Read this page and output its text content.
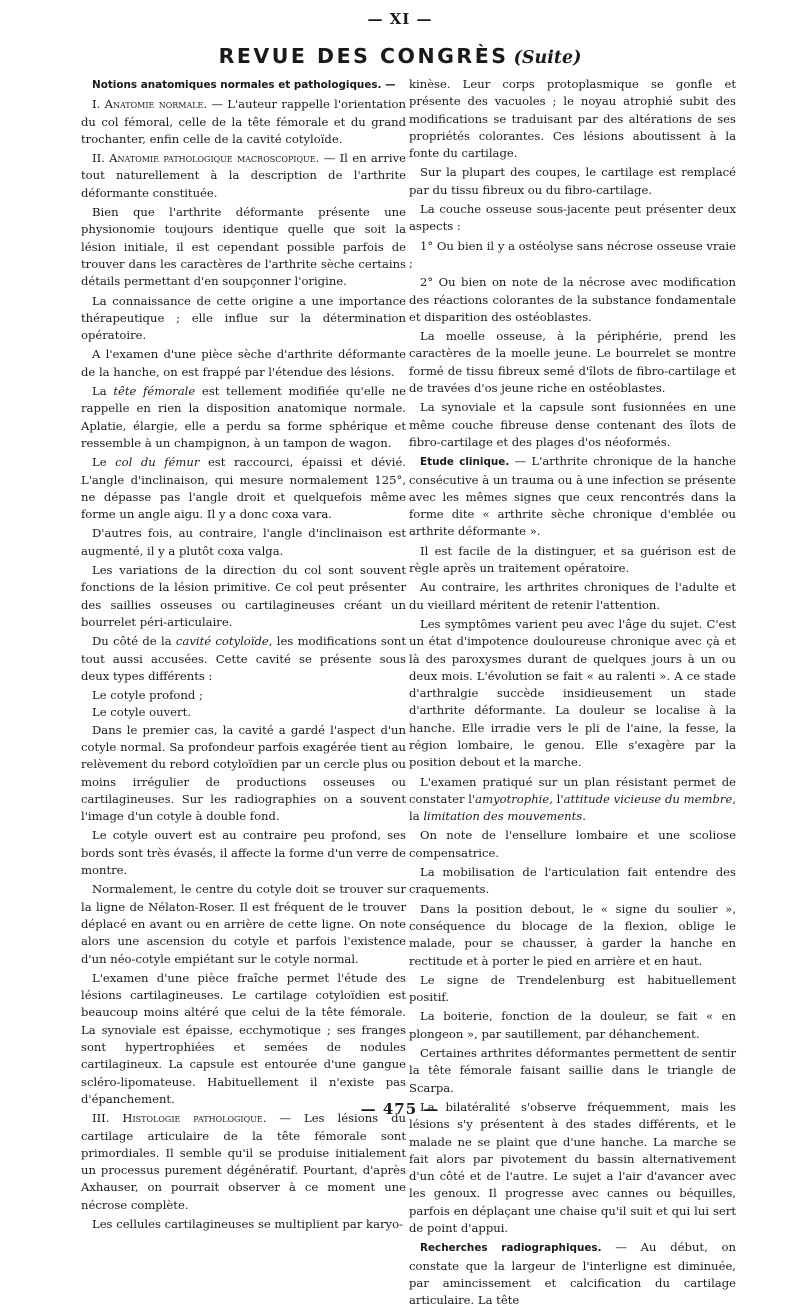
— XI —
REVUE DES CONGRÈS (Suite)

Notions anatomiques normales et pathologiques. —

I. Anatomie normale. — L'auteur rappelle l'orientation du col fémoral, celle de la tête fémorale et du grand trochanter, enfin celle de la cavité cotyloïde.

II. Anatomie pathologique macroscopique. — Il en arrive tout naturellement à la description de l'arthrite déformante constituée.

Bien que l'arthrite déformante présente une physionomie toujours identique quelle que soit la lésion initiale, il est cependant possible parfois de trouver dans les caractères de l'arthrite sèche certains détails permettant d'en soupçonner l'origine.

La connaissance de cette origine a une importance thérapeutique ; elle influe sur la détermination opératoire.

A l'examen d'une pièce sèche d'arthrite déformante de la hanche, on est frappé par l'étendue des lésions.

La tête fémorale est tellement modifiée qu'elle ne rappelle en rien la disposition anatomique normale. Aplatie, élargie, elle a perdu sa forme sphérique et ressemble à un champignon, à un tampon de wagon.

Le col du fémur est raccourci, épaissi et dévié. L'angle d'inclinaison, qui mesure normalement 125°, ne dépasse pas l'angle droit et quelquefois même forme un angle aigu. Il y a donc coxa vara.

D'autres fois, au contraire, l'angle d'inclinaison est augmenté, il y a plutôt coxa valga.

Les variations de la direction du col sont souvent fonctions de la lésion primitive. Ce col peut présenter des saillies osseuses ou cartilagineuses créant un bourrelet péri-articulaire.

Du côté de la cavité cotyloïde, les modifications sont tout aussi accusées. Cette cavité se présente sous deux types différents :

Le cotyle profond ;

Le cotyle ouvert.

Dans le premier cas, la cavité a gardé l'aspect d'un cotyle normal. Sa profondeur parfois exagérée tient au relèvement du rebord cotyloïdien par un cercle plus ou moins irrégulier de productions osseuses ou cartilagineuses. Sur les radiographies on a souvent l'image d'un cotyle à double fond.

Le cotyle ouvert est au contraire peu profond, ses bords sont très évasés, il affecte la forme d'un verre de montre.

Normalement, le centre du cotyle doit se trouver sur la ligne de Nélaton-Roser. Il est fréquent de le trouver déplacé en avant ou en arrière de cette ligne. On note alors une ascension du cotyle et parfois l'existence d'un néo-cotyle empiétant sur le cotyle normal.

L'examen d'une pièce fraîche permet l'étude des lésions cartilagineuses. Le cartilage cotyloïdien est beaucoup moins altéré que celui de la tête fémorale. La synoviale est épaisse, ecchymotique ; ses franges sont hypertrophiées et semées de nodules cartilagineux. La capsule est entourée d'une gangue scléro-lipomateuse. Habituellement il n'existe pas d'épanchement.

III. Histologie pathologique. — Les lésions du cartilage articulaire de la tête fémorale sont primordiales. Il semble qu'il se produise initialement un processus purement dégénératif. Pourtant, d'après Axhauser, on pourrait observer à ce moment une nécrose complète.

Les cellules cartilagineuses se multiplient par karyo-

kinèse. Leur corps protoplasmique se gonfle et présente des vacuoles ; le noyau atrophié subit des modifications se traduisant par des altérations de ses propriétés colorantes. Ces lésions aboutissent à la fonte du cartilage.

Sur la plupart des coupes, le cartilage est remplacé par du tissu fibreux ou du fibro-cartilage.

La couche osseuse sous-jacente peut présenter deux aspects :

1° Ou bien il y a ostéolyse sans nécrose osseuse vraie ;

2° Ou bien on note de la nécrose avec modification des réactions colorantes de la substance fondamentale et disparition des ostéoblastes.

La moelle osseuse, à la périphérie, prend les caractères de la moelle jeune. Le bourrelet se montre formé de tissu fibreux semé d'îlots de fibro-cartilage et de travées d'os jeune riche en ostéoblastes.

La synoviale et la capsule sont fusionnées en une même couche fibreuse dense contenant des îlots de fibro-cartilage et des plages d'os néoformés.

Etude clinique. — L'arthrite chronique de la hanche consécutive à un trauma ou à une infection se présente avec les mêmes signes que ceux rencontrés dans la forme dite « arthrite sèche chronique d'emblée ou arthrite déformante ».

Il est facile de la distinguer, et sa guérison est de règle après un traitement opératoire.

Au contraire, les arthrites chroniques de l'adulte et du vieillard méritent de retenir l'attention.

Les symptômes varient peu avec l'âge du sujet. C'est un état d'impotence douloureuse chronique avec çà et là des paroxysmes durant de quelques jours à un ou deux mois. L'évolution se fait « au ralenti ». A ce stade d'arthralgie succède insidieusement un stade d'arthrite déformante. La douleur se localise à la hanche. Elle irradie vers le pli de l'aine, la fesse, la région lombaire, le genou. Elle s'exagère par la position debout et la marche.

L'examen pratiqué sur un plan résistant permet de constater l'amyotrophie, l'attitude vicieuse du membre, la limitation des mouvements.

On note de l'ensellure lombaire et une scoliose compensatrice.

La mobilisation de l'articulation fait entendre des craquements.

Dans la position debout, le « signe du soulier », conséquence du blocage de la flexion, oblige le malade, pour se chausser, à garder la hanche en rectitude et à porter le pied en arrière et en haut.

Le signe de Trendelenburg est habituellement positif.

La boiterie, fonction de la douleur, se fait « en plongeon », par sautillement, par déhanchement.

Certaines arthrites déformantes permettent de sentir la tête fémorale faisant saillie dans le triangle de Scarpa.

La bilatéralité s'observe fréquemment, mais les lésions s'y présentent à des stades différents, et le malade ne se plaint que d'une hanche. La marche se fait alors par pivotement du bassin alternativement d'un côté et de l'autre. Le sujet a l'air d'avancer avec les genoux. Il progresse avec cannes ou béquilles, parfois en déplaçant une chaise qu'il suit et qui lui sert de point d'appui.

Recherches radiographiques. — Au début, on constate que la largeur de l'interligne est diminuée, par amincissement et calcification du cartilage articulaire. La tête

— 475 —
